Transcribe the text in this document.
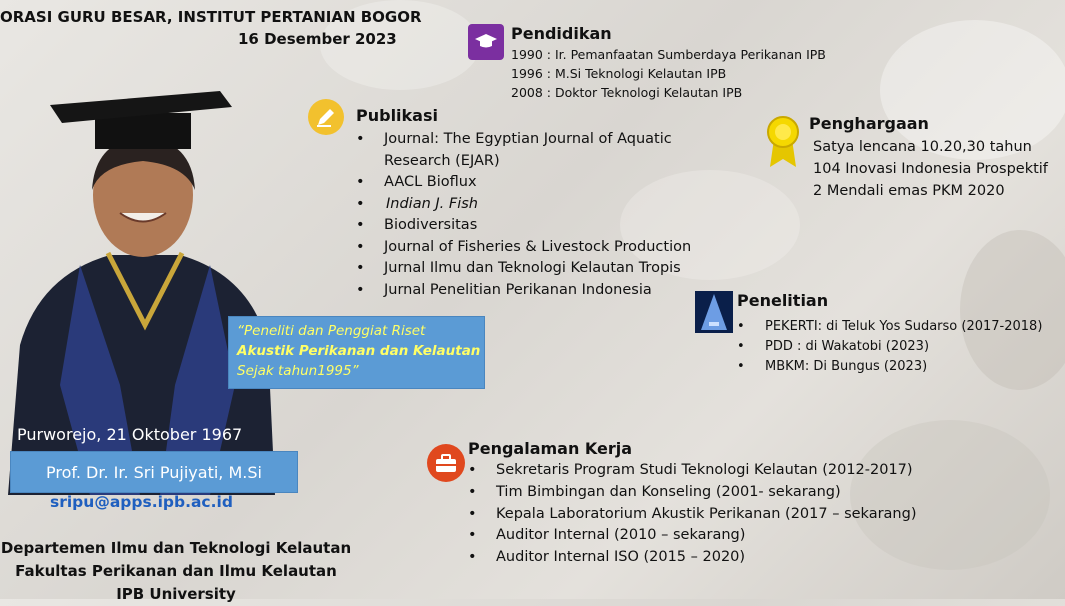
ORASI GURU BESAR, INSTITUT PERTANIAN BOGOR
16 Desember 2023	Pendidikan
1990 : Ir. Pemanfaatan Sumberdaya Perikanan IPB
1996 : M.Si Teknologi Kelautan IPB
2008 : Doktor Teknologi Kelautan IPB
Publikasi
• Journal: The Egyptian Journal of Aquatic Research (EJAR)
• AACL Bioflux
• Indian J. Fish
• Biodiversitas
• Journal of Fisheries & Livestock Production
• Jurnal Ilmu dan Teknologi Kelautan Tropis
• Jurnal Penelitian Perikanan Indonesia
Penghargaan
Satya lencana 10.20,30 tahun
104 Inovasi Indonesia Prospektif
2 Mendali emas PKM 2020
“Peneliti dan Penggiat Riset
Akustik Perikanan dan Kelautan
Sejak tahun1995”
Penelitian
• PEKERTI: di Teluk Yos Sudarso (2017-2018)
• PDD : di Wakatobi (2023)
• MBKM: Di Bungus (2023)
Purworejo, 21 Oktober 1967
Prof. Dr. Ir. Sri Pujiyati, M.Si
sripu@apps.ipb.ac.id
Departemen Ilmu dan Teknologi Kelautan
Fakultas Perikanan dan Ilmu Kelautan
IPB University
Pengalaman Kerja
• Sekretaris Program Studi Teknologi Kelautan (2012-2017)
• Tim Bimbingan dan Konseling (2001- sekarang)
• Kepala Laboratorium Akustik Perikanan (2017 – sekarang)
• Auditor Internal (2010 – sekarang)
• Auditor Internal ISO (2015 – 2020)
